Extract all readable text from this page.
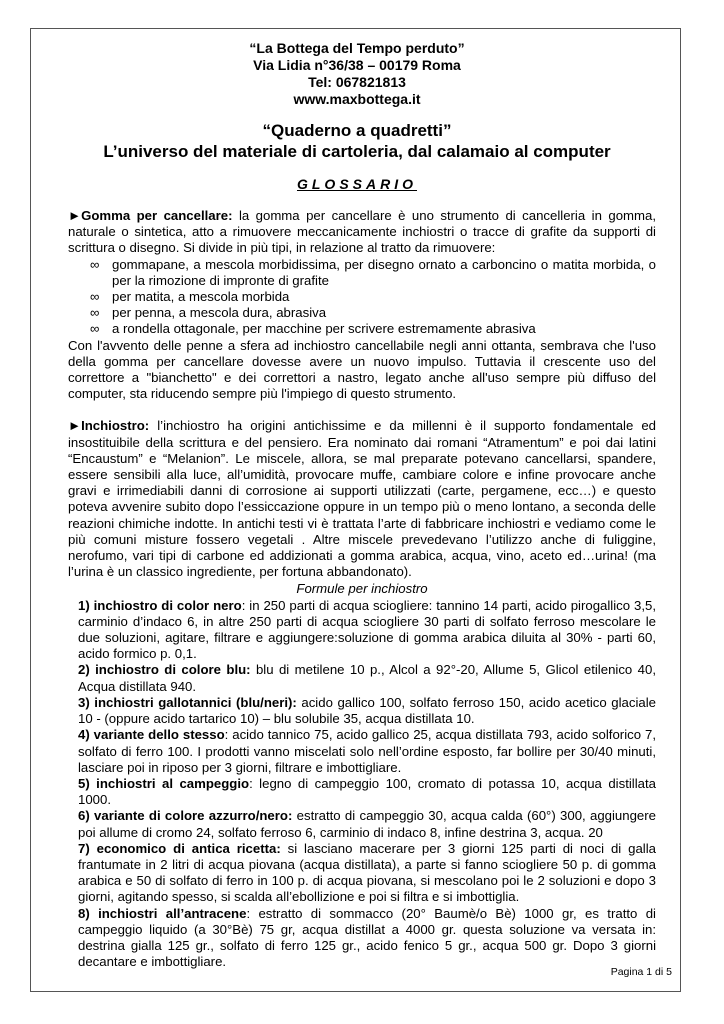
“La Bottega del Tempo perduto”
Via Lidia n°36/38 – 00179 Roma
Tel: 067821813
www.maxbottega.it
“Quaderno a quadretti”
L’universo del materiale di cartoleria, dal calamaio al computer
GLOSSARIO

►Gomma per cancellare: la gomma per cancellare è uno strumento di cancelleria in gomma, naturale o sintetica, atto a rimuovere meccanicamente inchiostri o tracce di grafite da supporti di scrittura o disegno. Si divide in più tipi, in relazione al tratto da rimuovere:

∞ gommapane, a mescola morbidissima, per disegno ornato a carboncino o matita morbida, o per la rimozione di impronte di grafite
∞ per matita, a mescola morbida
∞ per penna, a mescola dura, abrasiva
∞ a rondella ottagonale, per macchine per scrivere estremamente abrasiva

Con l'avvento delle penne a sfera ad inchiostro cancellabile negli anni ottanta, sembrava che l'uso della gomma per cancellare dovesse avere un nuovo impulso. Tuttavia il crescente uso del correttore a "bianchetto" e dei correttori a nastro, legato anche all'uso sempre più diffuso del computer, sta riducendo sempre più l'impiego di questo strumento.

►Inchiostro: l’inchiostro ha origini antichissime e da millenni è il supporto fondamentale ed insostituibile della scrittura e del pensiero. Era nominato dai romani “Atramentum” e poi dai latini “Encaustum” e “Melanion”. Le miscele, allora, se mal preparate potevano cancellarsi, spandere, essere sensibili alla luce, all’umidità, provocare muffe, cambiare colore e infine provocare anche gravi e irrimediabili danni di corrosione ai supporti utilizzati (carte, pergamene, ecc…) e questo poteva avvenire subito dopo l’essiccazione oppure in un tempo più o meno lontano, a seconda delle reazioni chimiche indotte. In antichi testi vi è trattata l’arte di fabbricare inchiostri e vediamo come le più comuni misture fossero vegetali . Altre miscele prevedevano l’utilizzo anche di fuliggine, nerofumo, vari tipi di carbone ed addizionati a gomma arabica, acqua, vino, aceto ed…urina! (ma l’urina è un classico ingrediente, per fortuna abbandonato).

Formule per inchiostro
1) inchiostro di color nero: in 250 parti di acqua sciogliere: tannino 14 parti, acido pirogallico 3,5, carminio d’indaco 6, in altre 250 parti di acqua sciogliere 30 parti di solfato ferroso mescolare le due soluzioni, agitare, filtrare e aggiungere:soluzione di gomma arabica diluita al 30% - parti 60, acido formico p. 0,1.
2) inchiostro di colore blu: blu di metilene 10 p., Alcol a 92°-20, Allume 5, Glicol etilenico 40, Acqua distillata 940.
3) inchiostri gallotannici (blu/neri): acido gallico 100, solfato ferroso 150, acido acetico glaciale 10 - (oppure acido tartarico 10) – blu solubile 35, acqua distillata 10.
4) variante dello stesso: acido tannico 75, acido gallico 25, acqua distillata 793, acido solforico 7, solfato di ferro 100. I prodotti vanno miscelati solo nell’ordine esposto, far bollire per 30/40 minuti, lasciare poi in riposo per 3 giorni, filtrare e imbottigliare.
5) inchiostri al campeggio: legno di campeggio 100, cromato di potassa 10, acqua distillata 1000.
6) variante di colore azzurro/nero: estratto di campeggio 30, acqua calda (60°) 300, aggiungere poi allume di cromo 24, solfato ferroso 6, carminio di indaco 8, infine destrina 3, acqua. 20
7) economico di antica ricetta: si lasciano macerare per 3 giorni 125 parti di noci di galla frantumate in 2 litri di acqua piovana (acqua distillata), a parte si fanno sciogliere 50 p. di gomma arabica e 50 di solfato di ferro in 100 p. di acqua piovana, si mescolano poi le 2 soluzioni e dopo 3 giorni, agitando spesso, si scalda all’ebollizione e poi si filtra e si imbottiglia.
8) inchiostri all’antracene: estratto di sommacco (20° Baumè/o Bè) 1000 gr, es tratto di campeggio liquido (a 30°Bè) 75 gr, acqua distillat a 4000 gr. questa soluzione va versata in: destrina gialla 125 gr., solfato di ferro 125 gr., acido fenico 5 gr., acqua 500 gr. Dopo 3 giorni decantare e imbottigliare.
Pagina 1 di 5
